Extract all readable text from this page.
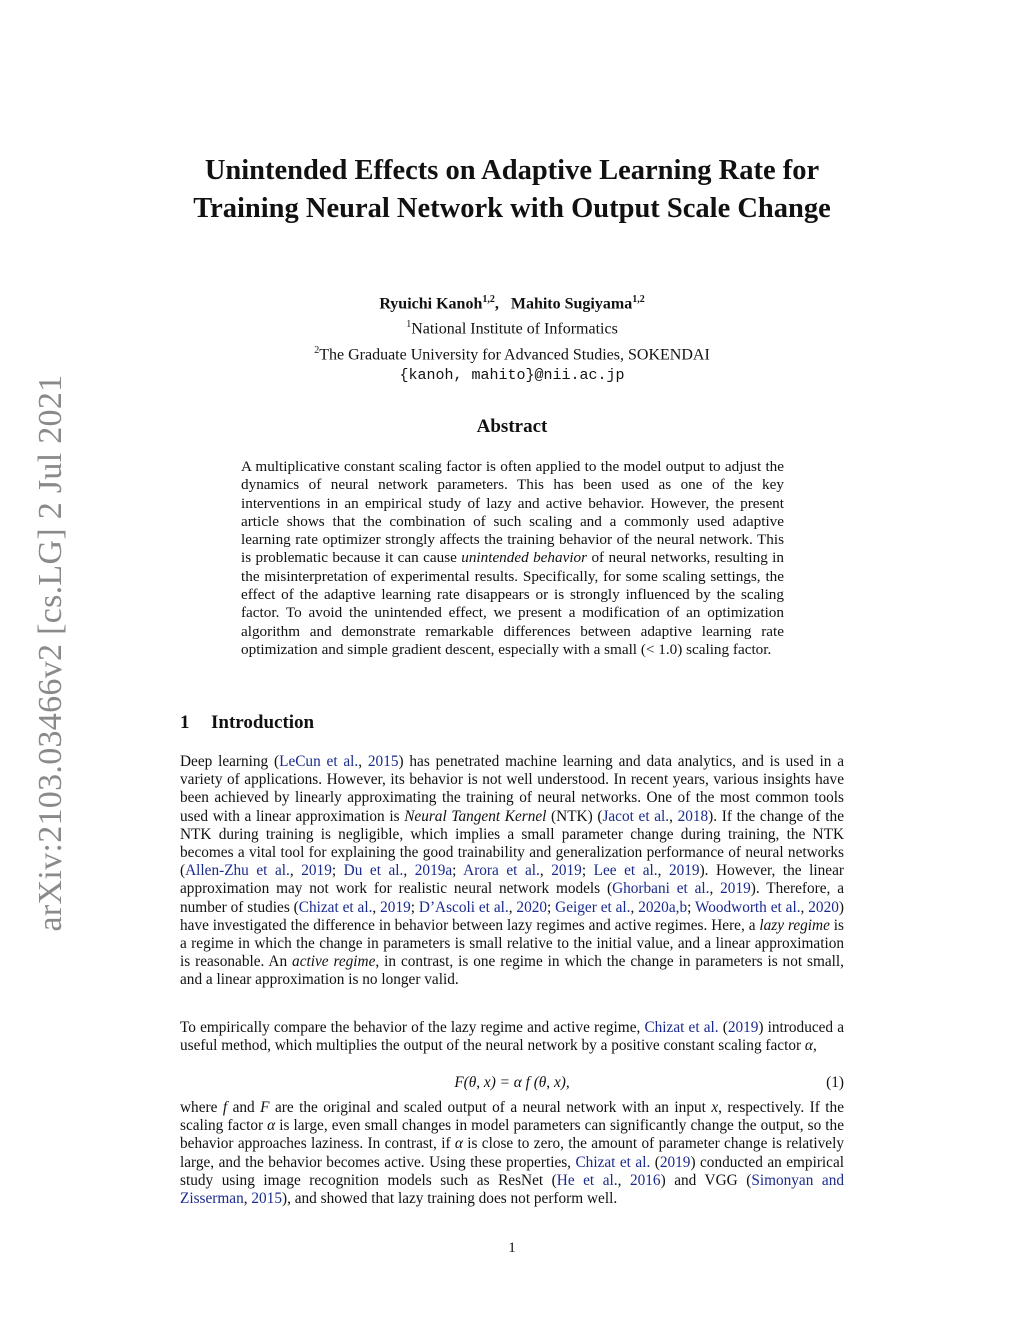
arXiv:2103.03466v2 [cs.LG] 2 Jul 2021
Unintended Effects on Adaptive Learning Rate for
Training Neural Network with Output Scale Change
Ryuichi Kanoh$^{1,2}$,   Mahito Sugiyama$^{1,2}$
$^1$National Institute of Informatics
$^2$The Graduate University for Advanced Studies, SOKENDAI
{kanoh, mahito}@nii.ac.jp
Abstract
A multiplicative constant scaling factor is often applied to the model output to adjust the dynamics of neural network parameters. This has been used as one of the key interventions in an empirical study of lazy and active behavior. However, the present article shows that the combination of such scaling and a commonly used adaptive learning rate optimizer strongly affects the training behavior of the neural network. This is problematic because it can cause unintended behavior of neural networks, resulting in the misinterpretation of experimental results. Specifically, for some scaling settings, the effect of the adaptive learning rate disappears or is strongly influenced by the scaling factor. To avoid the unintended effect, we present a modification of an optimization algorithm and demonstrate remarkable differences between adaptive learning rate optimization and simple gradient descent, especially with a small (< 1.0) scaling factor.
1 Introduction
Deep learning (LeCun et al., 2015) has penetrated machine learning and data analytics, and is used in a variety of applications. However, its behavior is not well understood. In recent years, various insights have been achieved by linearly approximating the training of neural networks. One of the most common tools used with a linear approximation is Neural Tangent Kernel (NTK) (Jacot et al., 2018). If the change of the NTK during training is negligible, which implies a small parameter change during training, the NTK becomes a vital tool for explaining the good trainability and generalization performance of neural networks (Allen-Zhu et al., 2019; Du et al., 2019a; Arora et al., 2019; Lee et al., 2019). However, the linear approximation may not work for realistic neural network models (Ghorbani et al., 2019). Therefore, a number of studies (Chizat et al., 2019; D’Ascoli et al., 2020; Geiger et al., 2020a,b; Woodworth et al., 2020) have investigated the difference in behavior between lazy regimes and active regimes. Here, a lazy regime is a regime in which the change in parameters is small relative to the initial value, and a linear approximation is reasonable. An active regime, in contrast, is one regime in which the change in parameters is not small, and a linear approximation is no longer valid.
To empirically compare the behavior of the lazy regime and active regime, Chizat et al. (2019) introduced a useful method, which multiplies the output of the neural network by a positive constant scaling factor α,
F(θ, x) = α f (θ, x),	(1)
where f and F are the original and scaled output of a neural network with an input x, respectively. If the scaling factor α is large, even small changes in model parameters can significantly change the output, so the behavior approaches laziness. In contrast, if α is close to zero, the amount of parameter change is relatively large, and the behavior becomes active. Using these properties, Chizat et al. (2019) conducted an empirical study using image recognition models such as ResNet (He et al., 2016) and VGG (Simonyan and Zisserman, 2015), and showed that lazy training does not perform well.
1
